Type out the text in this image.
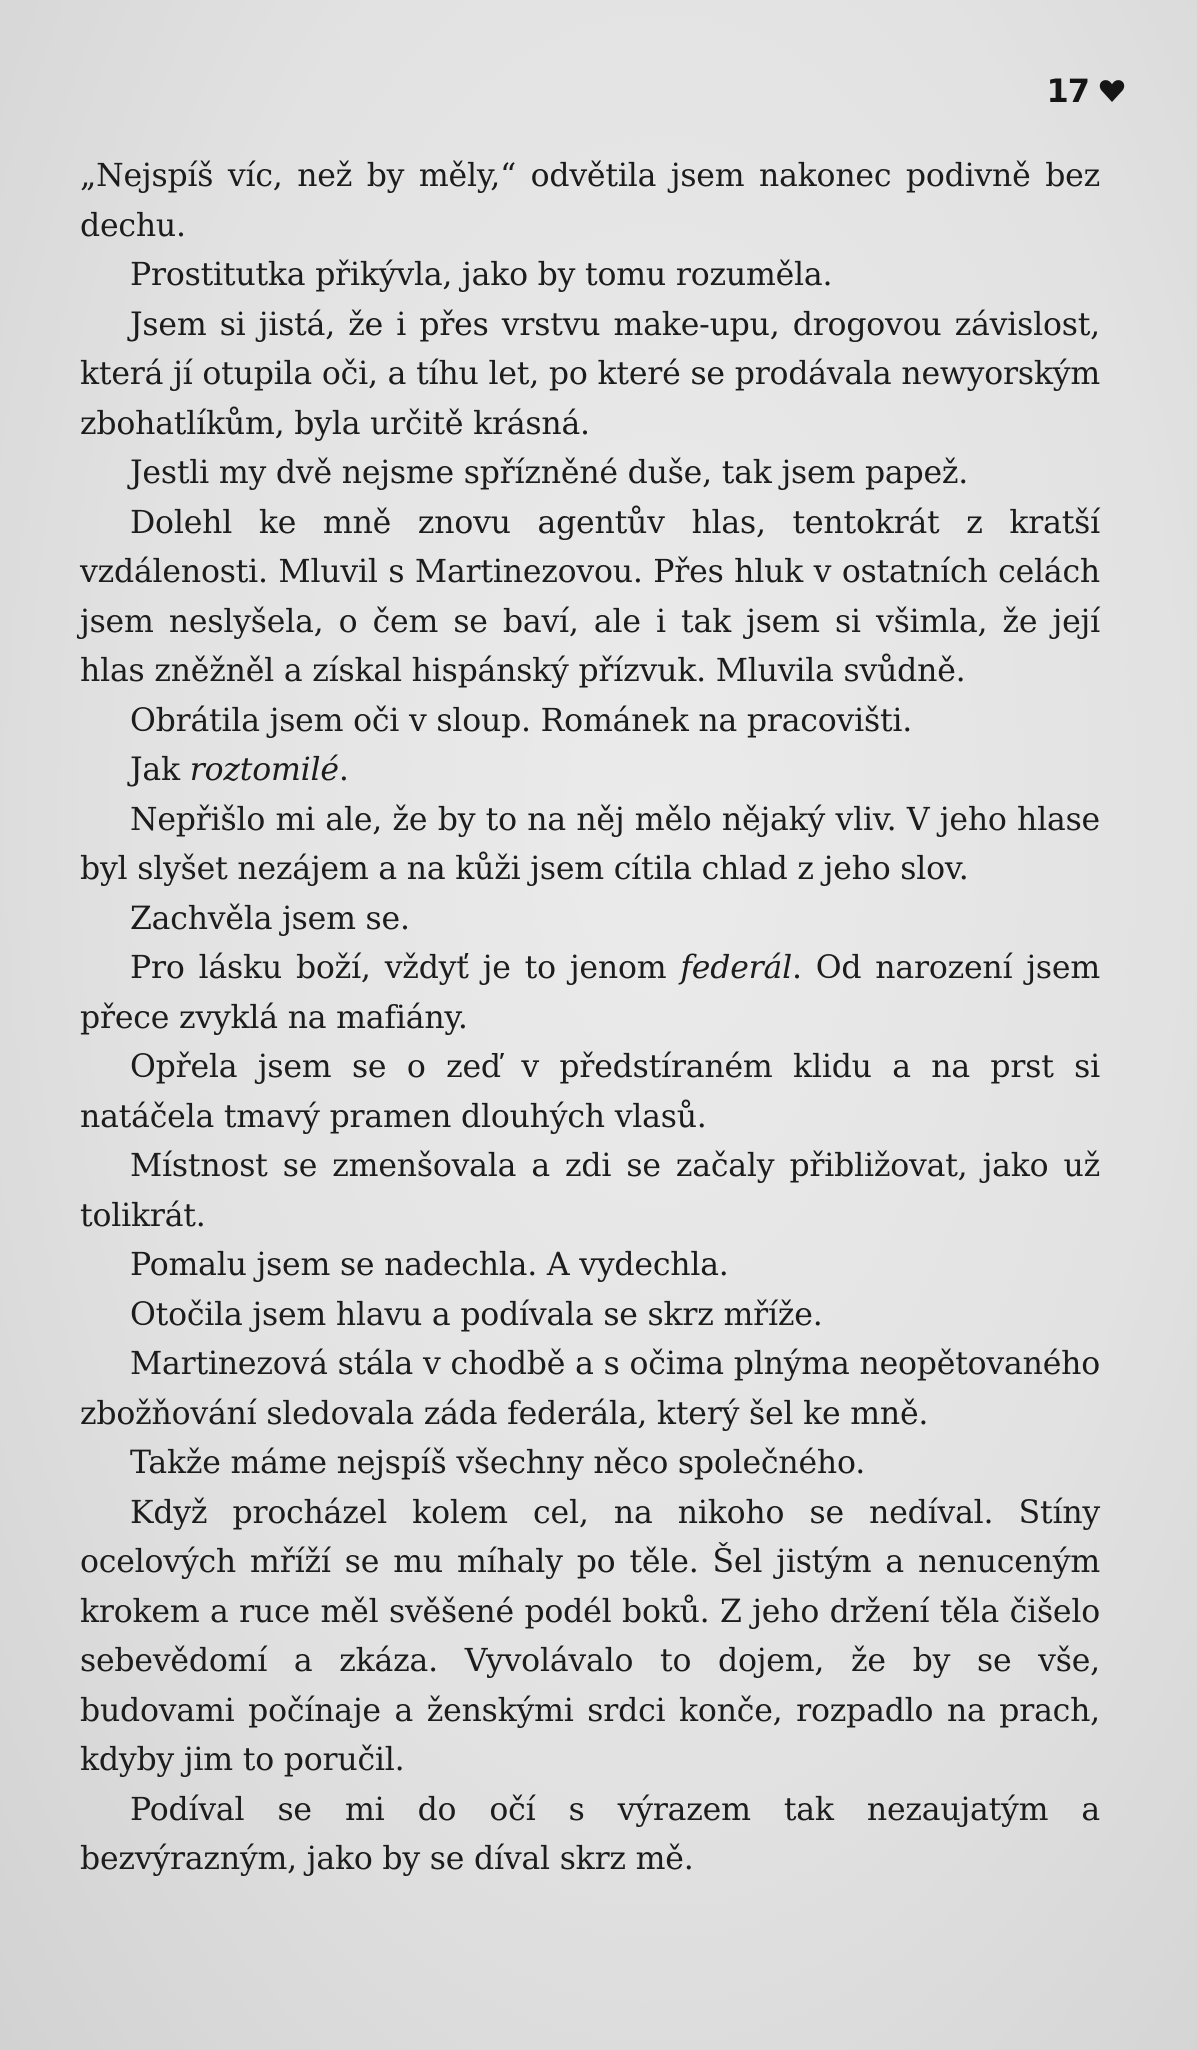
17

„Nejspíš víc, než by měly,“ odvětila jsem nakonec podivně bez dechu.

Prostitutka přikývla, jako by tomu rozuměla.

Jsem si jistá, že i přes vrstvu make-upu, drogovou závislost, která jí otupila oči, a tíhu let, po které se prodávala newyorským zbohatlíkům, byla určitě krásná.

Jestli my dvě nejsme spřízněné duše, tak jsem papež.

Dolehl ke mně znovu agentův hlas, tentokrát z kratší vzdálenosti. Mluvil s Martinezovou. Přes hluk v ostatních celách jsem neslyšela, o čem se baví, ale i tak jsem si všimla, že její hlas zněžněl a získal hispánský přízvuk. Mluvila svůdně.

Obrátila jsem oči v sloup. Románek na pracovišti.

Jak roztomilé.

Nepřišlo mi ale, že by to na něj mělo nějaký vliv. V jeho hlase byl slyšet nezájem a na kůži jsem cítila chlad z jeho slov.

Zachvěla jsem se.

Pro lásku boží, vždyť je to jenom federál. Od narození jsem přece zvyklá na mafiány.

Opřela jsem se o zeď v předstíraném klidu a na prst si natáčela tmavý pramen dlouhých vlasů.

Místnost se zmenšovala a zdi se začaly přibližovat, jako už tolikrát.

Pomalu jsem se nadechla. A vydechla.

Otočila jsem hlavu a podívala se skrz mříže.

Martinezová stála v chodbě a s očima plnýma neopětovaného zbožňování sledovala záda federála, který šel ke mně.

Takže máme nejspíš všechny něco společného.

Když procházel kolem cel, na nikoho se nedíval. Stíny ocelových mříží se mu míhaly po těle. Šel jistým a nenuceným krokem a ruce měl svěšené podél boků. Z jeho držení těla čišelo sebevědomí a zkáza. Vyvolávalo to dojem, že by se vše, budovami počínaje a ženskými srdci konče, rozpadlo na prach, kdyby jim to poručil.

Podíval se mi do očí s výrazem tak nezaujatým a bezvýrazným, jako by se díval skrz mě.
